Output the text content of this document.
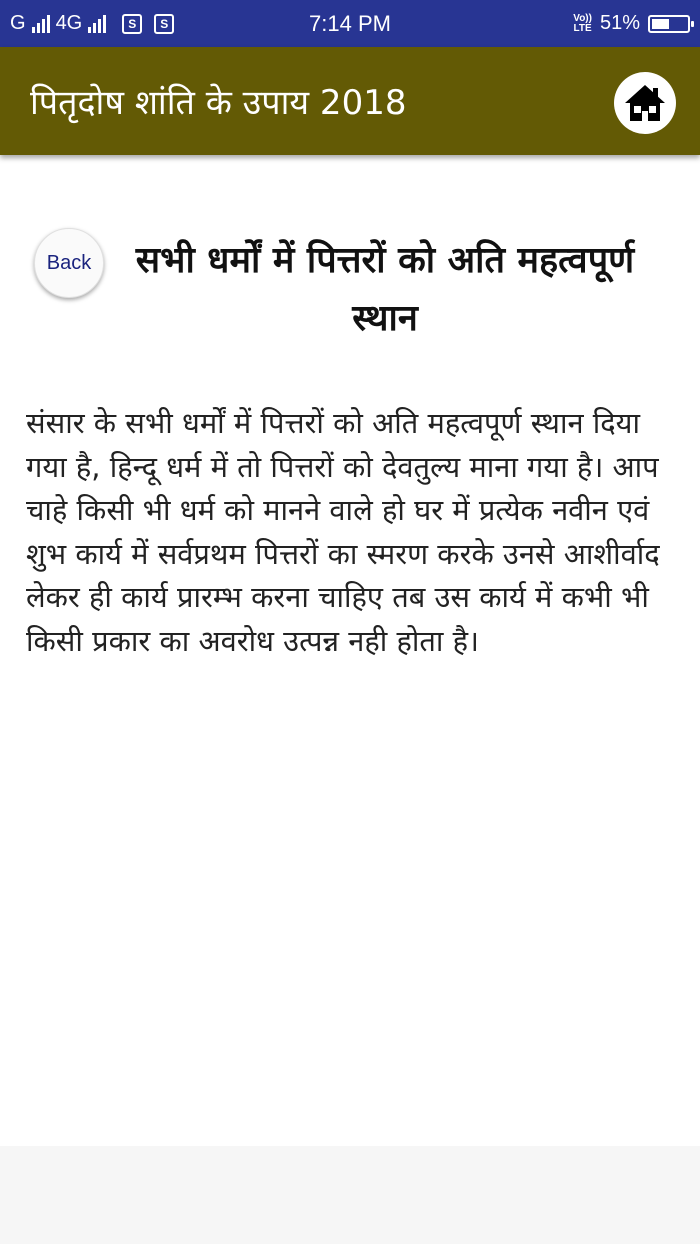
G 4G	S	S	7:14 PM	Vo))
LTE 51%
पितृदोष शांति के उपाय 2018
Back	सभी धर्मों में पित्तरों को अति महत्वपूर्ण स्थान

संसार के सभी धर्मों में पित्तरों को अति महत्वपूर्ण स्थान दिया गया है, हिन्दू धर्म में तो पित्तरों को देवतुल्य माना गया है। आप चाहे किसी भी धर्म को मानने वाले हो घर में प्रत्येक नवीन एवं शुभ कार्य में सर्वप्रथम पित्तरों का स्मरण करके उनसे आशीर्वाद लेकर ही कार्य प्रारम्भ करना चाहिए तब उस कार्य में कभी भी किसी प्रकार का अवरोध उत्पन्न नही होता है।
